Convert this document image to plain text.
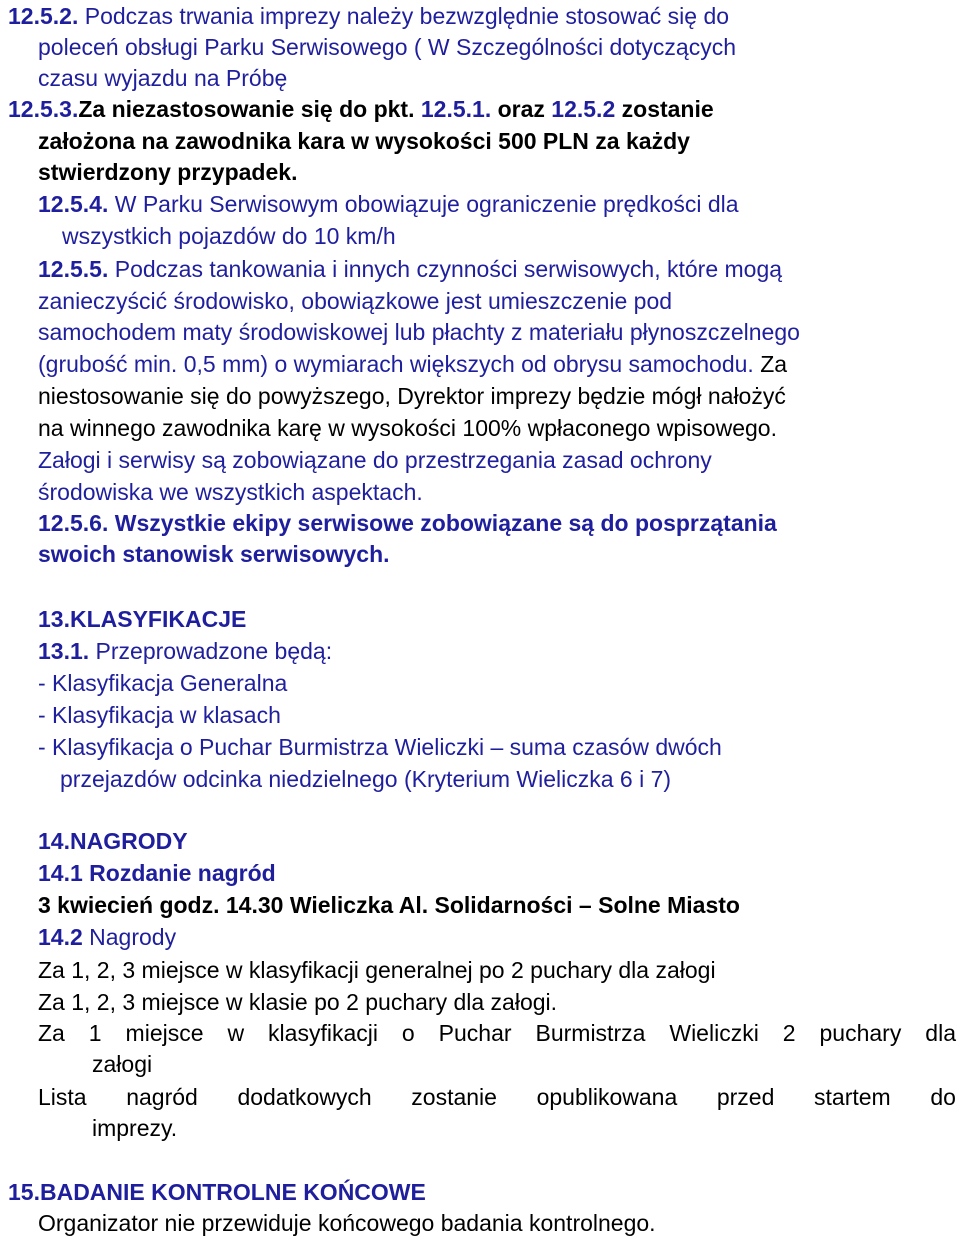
12.5.2. Podczas trwania imprezy należy bezwzględnie stosować się do
poleceń obsługi Parku Serwisowego ( W Szczególności dotyczących
czasu wyjazdu na Próbę
12.5.3.Za niezastosowanie się do pkt. 12.5.1. oraz 12.5.2 zostanie
założona na zawodnika kara w wysokości 500 PLN za każdy
stwierdzony przypadek.
12.5.4. W Parku Serwisowym obowiązuje ograniczenie prędkości dla
wszystkich pojazdów do 10 km/h
12.5.5. Podczas tankowania i innych czynności serwisowych, które mogą
zanieczyścić środowisko, obowiązkowe jest umieszczenie pod
samochodem maty środowiskowej lub płachty z materiału płynoszczelnego
(grubość min. 0,5 mm) o wymiarach większych od obrysu samochodu. Za
niestosowanie się do powyższego, Dyrektor imprezy będzie mógł nałożyć
na winnego zawodnika karę w wysokości 100% wpłaconego wpisowego.
Załogi i serwisy są zobowiązane do przestrzegania zasad ochrony
środowiska we wszystkich aspektach.
12.5.6. Wszystkie ekipy serwisowe zobowiązane są do posprzątania
swoich stanowisk serwisowych.
13.KLASYFIKACJE
13.1. Przeprowadzone będą:
- Klasyfikacja Generalna
- Klasyfikacja w klasach
- Klasyfikacja o Puchar Burmistrza Wieliczki – suma czasów dwóch
przejazdów odcinka niedzielnego (Kryterium Wieliczka 6 i 7)
14.NAGRODY
14.1 Rozdanie nagród
3 kwiecień godz. 14.30 Wieliczka Al. Solidarności – Solne Miasto
14.2 Nagrody
Za 1, 2, 3 miejsce w klasyfikacji generalnej po 2 puchary dla załogi
Za 1, 2, 3 miejsce w klasie po 2 puchary dla załogi.
Za 1 miejsce w klasyfikacji o Puchar Burmistrza Wieliczki 2 puchary dla
załogi
Lista nagród dodatkowych zostanie opublikowana przed startem do
imprezy.
15.BADANIE KONTROLNE KOŃCOWE
Organizator nie przewiduje końcowego badania kontrolnego.
